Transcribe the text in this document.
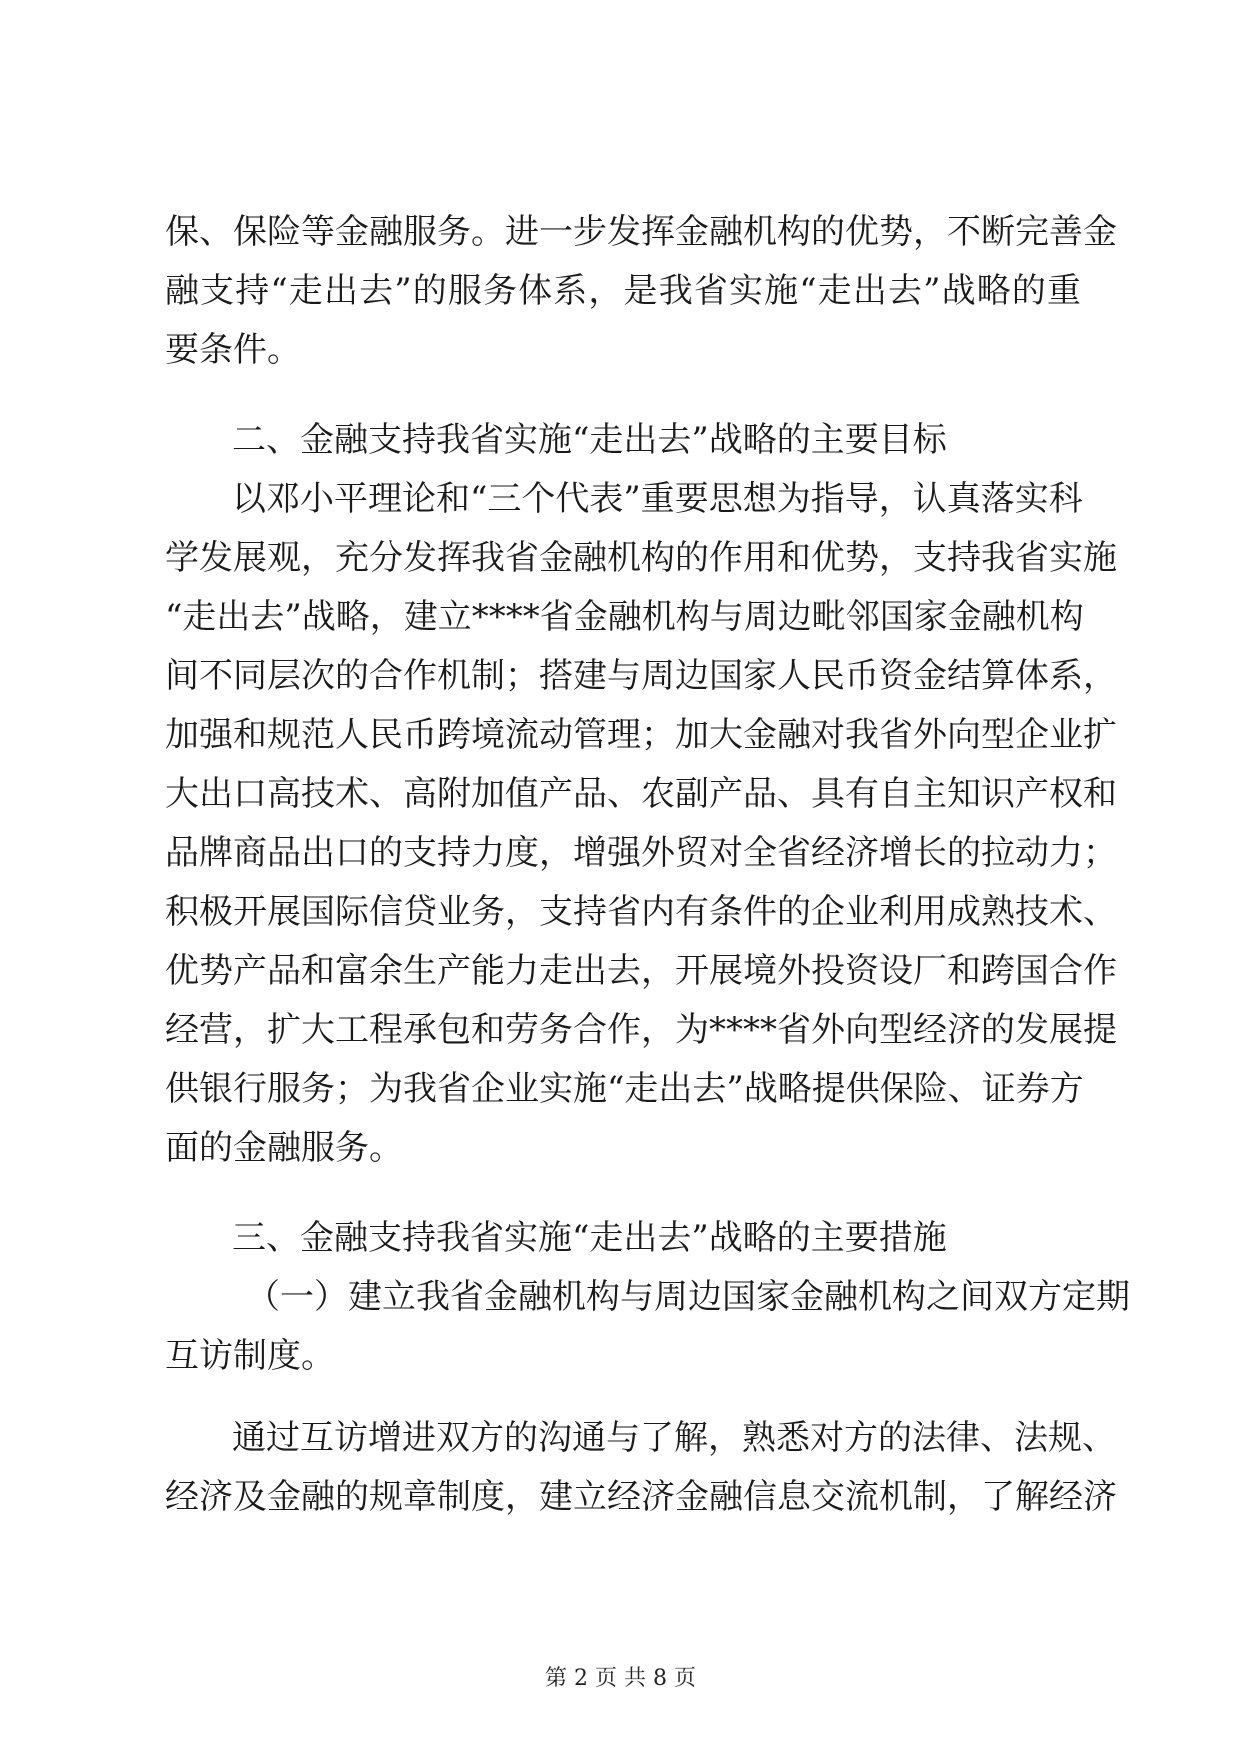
保、保险等金融服务。进一步发挥金融机构的优势，不断完善金
融支持“走出去”的服务体系，是我省实施“走出去”战略的重
要条件。
二、金融支持我省实施“走出去”战略的主要目标
以邓小平理论和“三个代表”重要思想为指导，认真落实科
学发展观，充分发挥我省金融机构的作用和优势，支持我省实施
“走出去”战略，建立****省金融机构与周边毗邻国家金融机构
间不同层次的合作机制；搭建与周边国家人民币资金结算体系，
加强和规范人民币跨境流动管理；加大金融对我省外向型企业扩
大出口高技术、高附加值产品、农副产品、具有自主知识产权和
品牌商品出口的支持力度，增强外贸对全省经济增长的拉动力；
积极开展国际信贷业务，支持省内有条件的企业利用成熟技术、
优势产品和富余生产能力走出去，开展境外投资设厂和跨国合作
经营，扩大工程承包和劳务合作，为****省外向型经济的发展提
供银行服务；为我省企业实施“走出去”战略提供保险、证券方
面的金融服务。
三、金融支持我省实施“走出去”战略的主要措施
（一）建立我省金融机构与周边国家金融机构之间双方定期
互访制度。
通过互访增进双方的沟通与了解，熟悉对方的法律、法规、
经济及金融的规章制度，建立经济金融信息交流机制，了解经济
第 2 页 共 8 页
